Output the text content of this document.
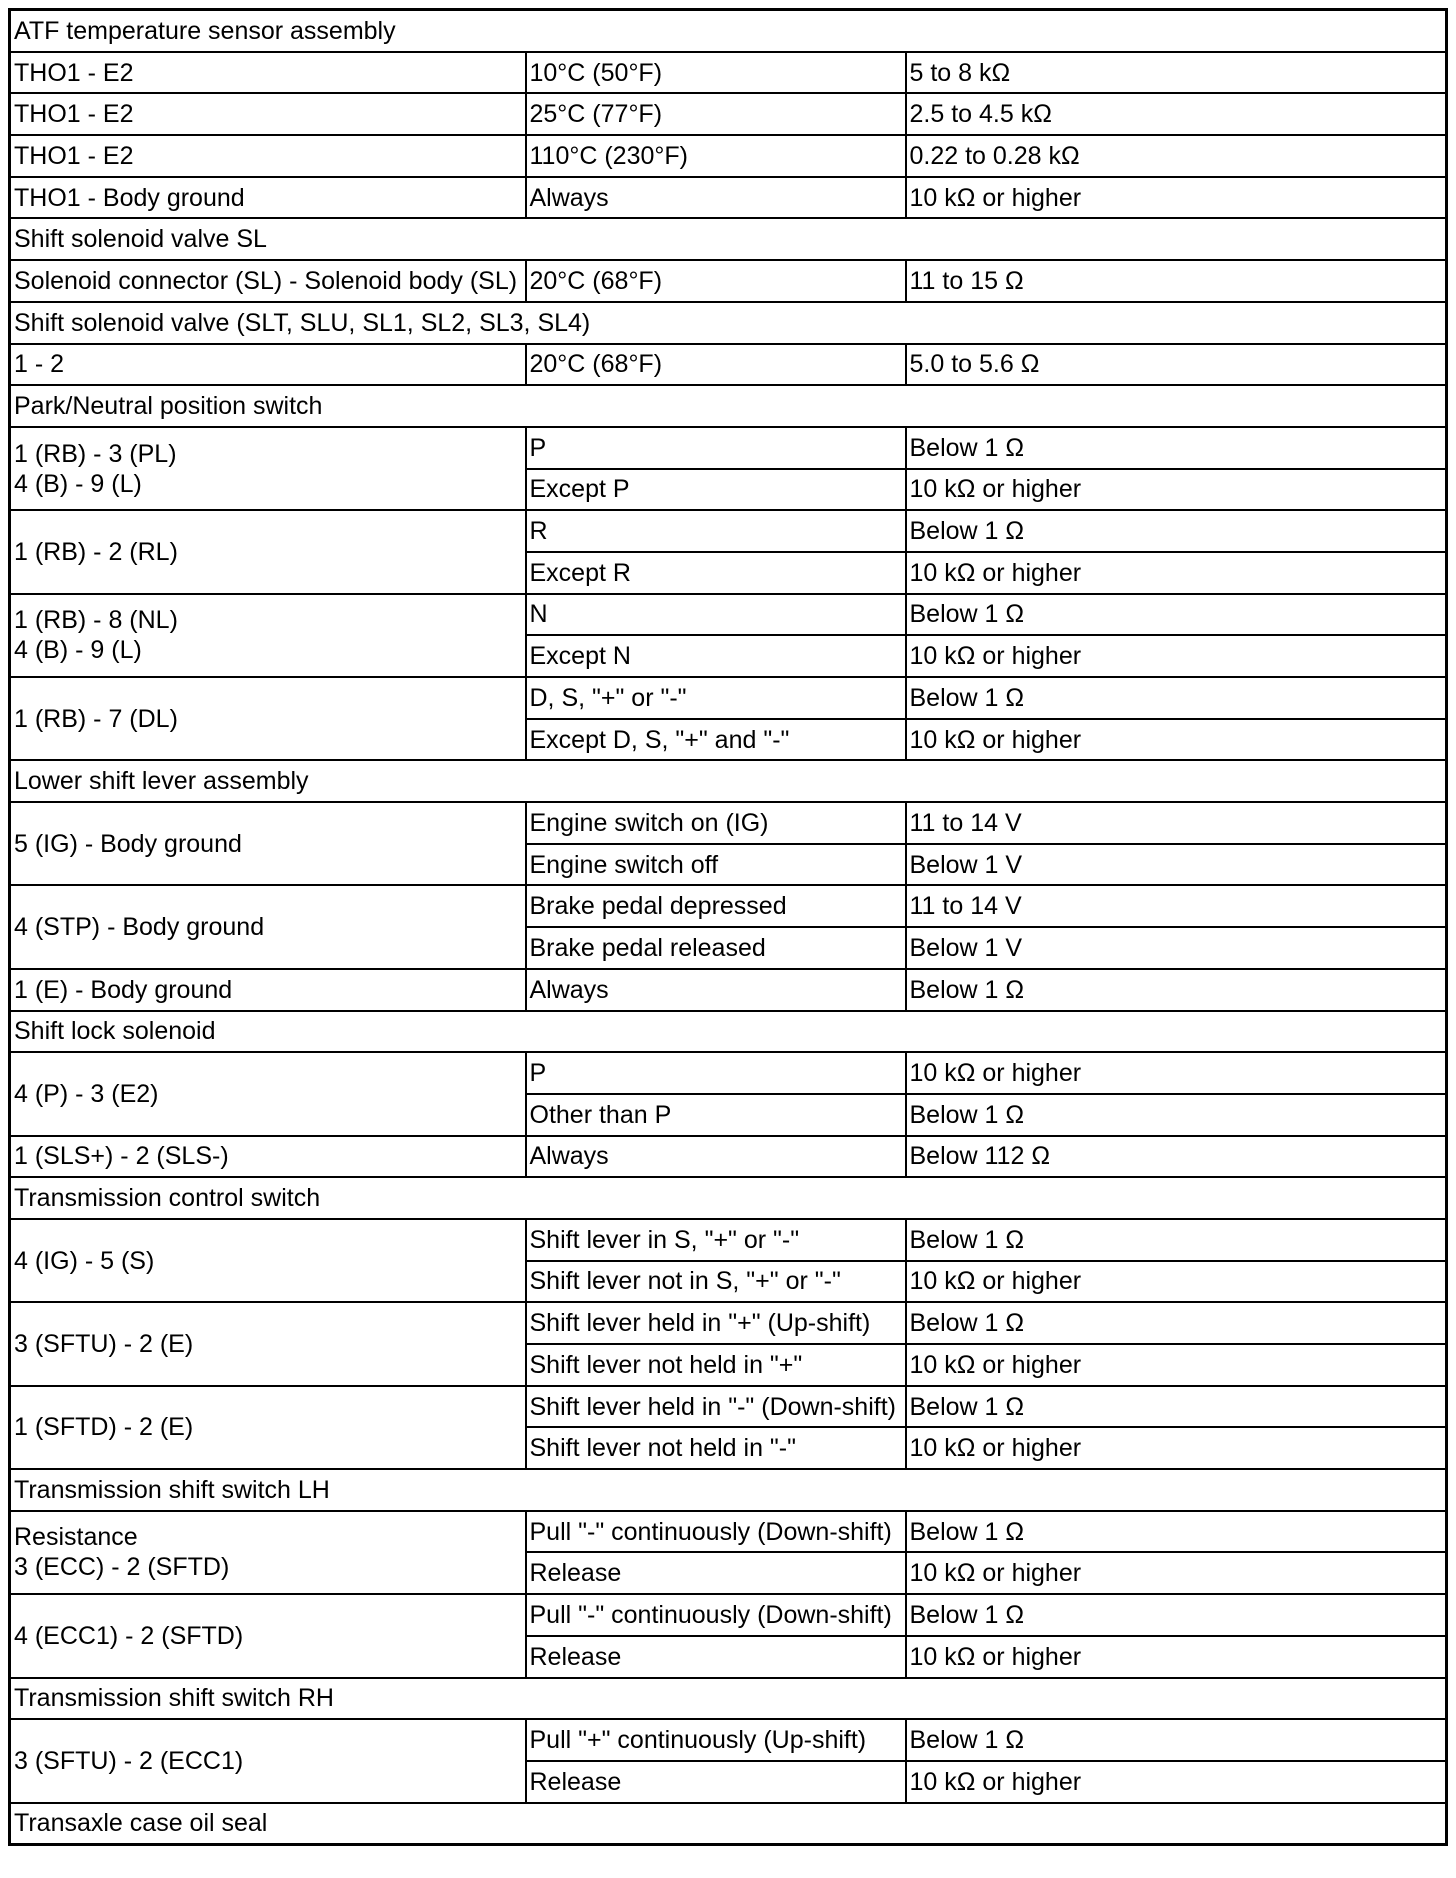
ATF temperature sensor assembly		
THO1 - E2	10°C (50°F)	5 to 8 kΩ
THO1 - E2	25°C (77°F)	2.5 to 4.5 kΩ
THO1 - E2	110°C (230°F)	0.22 to 0.28 kΩ
THO1 - Body ground	Always	10 kΩ or higher
Shift solenoid valve SL		
Solenoid connector (SL) - Solenoid body (SL)	20°C (68°F)	11 to 15 Ω
Shift solenoid valve (SLT, SLU, SL1, SL2, SL3, SL4)		
1 - 2	20°C (68°F)	5.0 to 5.6 Ω
Park/Neutral position switch		

1 (RB) - 3 (PL)
4 (B) - 9 (L)	P	Below 1 Ω
	Except P	10 kΩ or higher
1 (RB) - 2 (RL)	R	Below 1 Ω
	Except R	10 kΩ or higher

1 (RB) - 8 (NL)
4 (B) - 9 (L)	N	Below 1 Ω
	Except N	10 kΩ or higher
1 (RB) - 7 (DL)	D, S, "+" or "-"	Below 1 Ω
	Except D, S, "+" and "-"	10 kΩ or higher
Lower shift lever assembly		
5 (IG) - Body ground	Engine switch on (IG)	11 to 14 V
	Engine switch off	Below 1 V
4 (STP) - Body ground	Brake pedal depressed	11 to 14 V
	Brake pedal released	Below 1 V
1 (E) - Body ground	Always	Below 1 Ω
Shift lock solenoid		
4 (P) - 3 (E2)	P	10 kΩ or higher
	Other than P	Below 1 Ω
1 (SLS+) - 2 (SLS-)	Always	Below 112 Ω
Transmission control switch		
4 (IG) - 5 (S)	Shift lever in S, "+" or "-"	Below 1 Ω
	Shift lever not in S, "+" or "-"	10 kΩ or higher
3 (SFTU) - 2 (E)	Shift lever held in "+" (Up-shift)	Below 1 Ω
	Shift lever not held in "+"	10 kΩ or higher
1 (SFTD) - 2 (E)	Shift lever held in "-" (Down-shift)	Below 1 Ω
	Shift lever not held in "-"	10 kΩ or higher
Transmission shift switch LH		

Resistance
3 (ECC) - 2 (SFTD)	Pull "-" continuously (Down-shift)	Below 1 Ω
	Release	10 kΩ or higher
4 (ECC1) - 2 (SFTD)	Pull "-" continuously (Down-shift)	Below 1 Ω
	Release	10 kΩ or higher
Transmission shift switch RH		
3 (SFTU) - 2 (ECC1)	Pull "+" continuously (Up-shift)	Below 1 Ω
	Release	10 kΩ or higher
Transaxle case oil seal		
